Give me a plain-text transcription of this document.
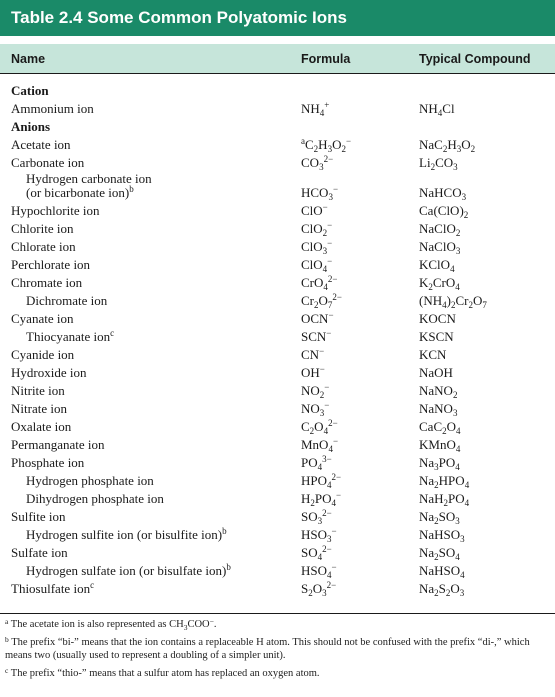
Table 2.4 Some Common Polyatomic Ions
Name	Formula	Typical Compound
Cation
Ammonium ion	$NH_4^+$	$NH_4Cl$
Anions
Acetate ion	$^aC_2H_3O_2^-$	$NaC_2H_3O_2$
Carbonate ion	$CO_3^{2-}$	$Li_2CO_3$
Hydrogen carbonate ion
(or bicarbonate ion)$^b$	$HCO_3^-$	NaHCO$_3$
Hypochlorite ion	ClO−	$Ca(ClO)_2$
Chlorite ion	ClO$_2$−	NaClO$_2$
Chlorate ion	ClO$_3$−	NaClO$_3$
Perchlorate ion	ClO$_4$−	KClO$_4$
Chromate ion	CrO$_4^{2-}$	$K_2CrO_4$
Dichromate ion	$Cr_2O_7^{2-}$	$(NH_4)_2Cr_2O_7$
Cyanate ion	OCN−	KOCN
Thiocyanate ion$^c$	SCN−	KSCN
Cyanide ion	CN−	KCN
Hydroxide ion	OH−	NaOH
Nitrite ion	$NO_2^-$	NaNO$_2$
Nitrate ion	$NO_3^-$	NaNO$_3$
Oxalate ion	$C_2O_4^{2-}$	$CaC_2O_4$
Permanganate ion	MnO$_4$−	KMnO$_4$
Phosphate ion	$PO_4^{3-}$	$Na_3PO_4$
Hydrogen phosphate ion	$HPO_4^{2-}$	$Na_2HPO_4$
Dihydrogen phosphate ion	$H_2PO_4^-$	$NaH_2PO_4$
Sulfite ion	$SO_3^{2-}$	$Na_2SO_3$
Hydrogen sulfite ion (or bisulfite ion)$^b$	$HSO_3^-$	NaHSO$_3$
Sulfate ion	$SO_4^{2-}$	$Na_2SO_4$
Hydrogen sulfate ion (or bisulfate ion)$^b$	$HSO_4^-$	NaHSO$_4$
Thiosulfate ion$^c$	$S_2O_3^{2-}$	$Na_2S_2O_3$
$^a$ The acetate ion is also represented as $CH_3COO^-$.
$^b$ The prefix “bi-” means that the ion contains a replaceable H atom. This should not be confused with the prefix “di-,” which means two (usually used to represent a doubling of a simpler unit).
$^c$ The prefix “thio-” means that a sulfur atom has replaced an oxygen atom.
